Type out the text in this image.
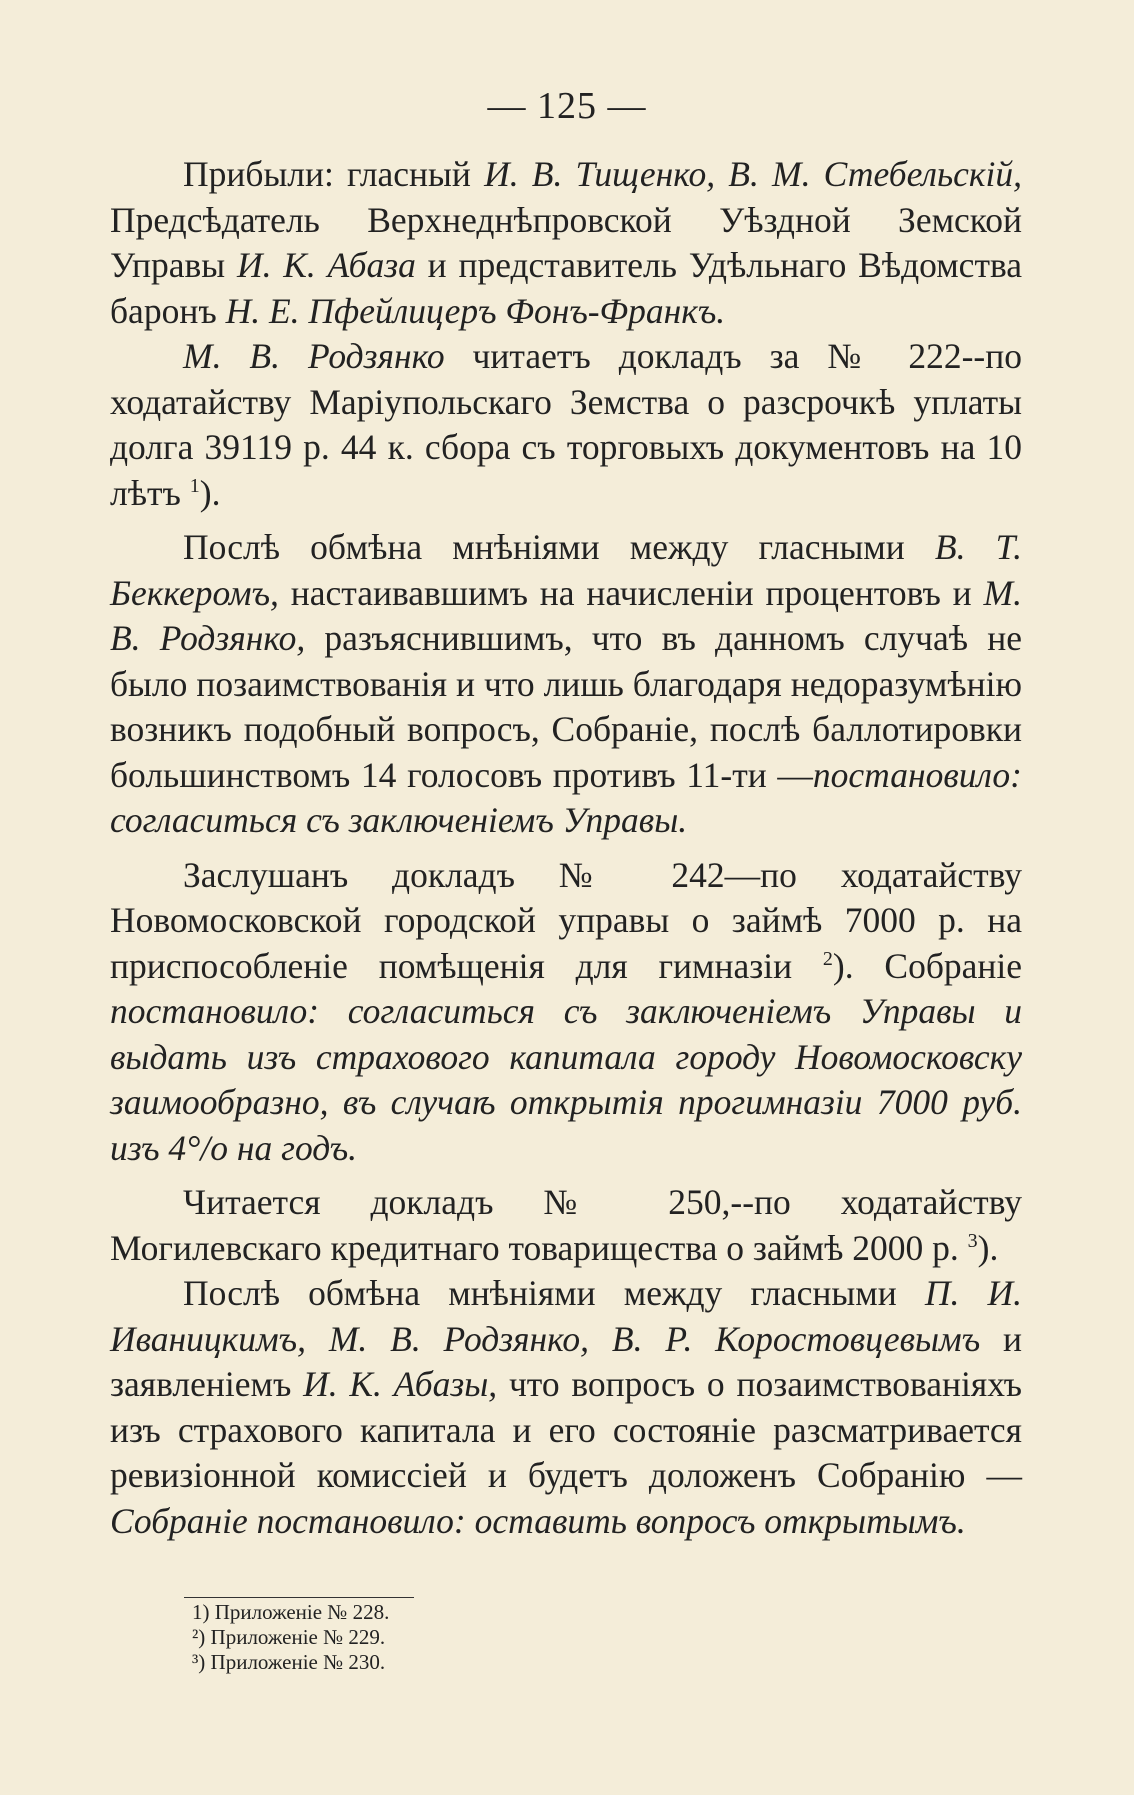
— 125 —

Прибыли: гласный И. В. Тищенко, В. М. Стебельскій, Предсѣдатель Верхнеднѣпровской Уѣздной Земской Управы И. К. Абаза и представитель Удѣльнаго Вѣдомства баронъ Н. Е. Пфейлицеръ Фонъ-Франкъ.

М. В. Родзянко читаетъ докладъ за № 222--по ходатайству Маріупольскаго Земства о разсрочкѣ уплаты долга 39119 р. 44 к. сбора съ торговыхъ документовъ на 10 лѣтъ $^1$).

Послѣ обмѣна мнѣніями между гласными В. Т. Беккеромъ, настаивавшимъ на начисленіи процентовъ и М. В. Родзянко, разъяснившимъ, что въ данномъ случаѣ не было позаимствованія и что лишь благодаря недоразумѣнію возникъ подобный вопросъ, Собраніе, послѣ баллотировки большинствомъ 14 голосовъ противъ 11-ти —постановило: согласиться съ заключеніемъ Управы.

Заслушанъ докладъ № 242—по ходатайству Новомосковской городской управы о займѣ 7000 р. на приспособленіе помѣщенія для гимназіи $^2$). Собраніе постановило: согласиться съ заключеніемъ Управы и выдать изъ страхового капитала городу Новомосковску заимообразно, въ случаѣ открытія прогимназіи 7000 руб. изъ 4°/о на годъ.

Читается докладъ № 250,--по ходатайству Могилевскаго кредитнаго товарищества о займѣ 2000 р. $^3$).

Послѣ обмѣна мнѣніями между гласными П. И. Иваницкимъ, М. В. Родзянко, В. Р. Коростовцевымъ и заявленіемъ И. К. Абазы, что вопросъ о позаимствованіяхъ изъ страхового капитала и его состояніе разсматривается ревизіонной комиссіей и будетъ доложенъ Собранію —Собраніе постановило: оставить вопросъ открытымъ.

1) Приложеніе № 228.
²) Приложеніе № 229.
³) Приложеніе № 230.
